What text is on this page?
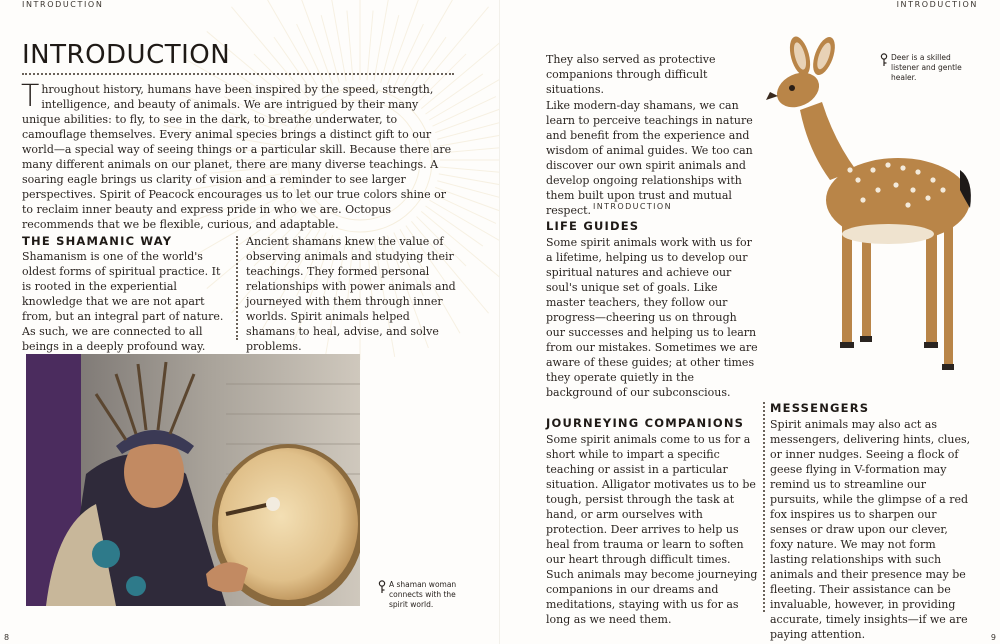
INTRODUCTION
INTRODUCTION

Throughout history, humans have been inspired by the speed, strength, intelligence, and beauty of animals. We are intrigued by their many unique abilities: to fly, to see in the dark, to breathe underwater, to camouflage themselves. Every animal species brings a distinct gift to our world—a special way of seeing things or a particular skill. Because there are many different animals on our planet, there are many diverse teachings. A soaring eagle brings us clarity of vision and a reminder to see larger perspectives. Spirit of Peacock encourages us to let our true colors shine or to reclaim inner beauty and express pride in who we are. Octopus recommends that we be flexible, curious, and adaptable.

THE SHAMANIC WAY

Shamanism is one of the world's oldest forms of spiritual practice. It is rooted in the experiential knowledge that we are not apart from, but an integral part of nature. As such, we are connected to all beings in a deeply profound way.

Ancient shamans knew the value of observing animals and studying their teachings. They formed personal relationships with power animals and journeyed with them through inner worlds. Spirit animals helped shamans to heal, advise, and solve problems.

A shaman woman connects with the spirit world.
8
INTRODUCTION

They also served as protective companions through difficult situations.

Like modern-day shamans, we can learn to perceive teachings in nature and benefit from the experience and wisdom of animal guides. We too can discover our own spirit animals and develop ongoing relationships with them built upon trust and mutual respect. INTRODUCTION
LIFE GUIDES

Some spirit animals work with us for a lifetime, helping us to develop our spiritual natures and achieve our soul's unique set of goals. Like master teachers, they follow our progress—cheering us on through our successes and helping us to learn from our mistakes. Sometimes we are aware of these guides; at other times they operate quietly in the background of our subconscious.

JOURNEYING COMPANIONS

Some spirit animals come to us for a short while to impart a specific teaching or assist in a particular situation. Alligator motivates us to be tough, persist through the task at hand, or arm ourselves with protection. Deer arrives to help us heal from trauma or learn to soften our heart through difficult times. Such animals may become journeying companions in our dreams and meditations, staying with us for as long as we need them.

MESSENGERS

Spirit animals may also act as messengers, delivering hints, clues, or inner nudges. Seeing a flock of geese flying in V-formation may remind us to streamline our pursuits, while the glimpse of a red fox inspires us to sharpen our senses or draw upon our clever, foxy nature. We may not form lasting relationships with such animals and their presence may be fleeting. Their assistance can be invaluable, however, in providing accurate, timely insights—if we are paying attention.

Deer is a skilled listener and gentle healer.
9
